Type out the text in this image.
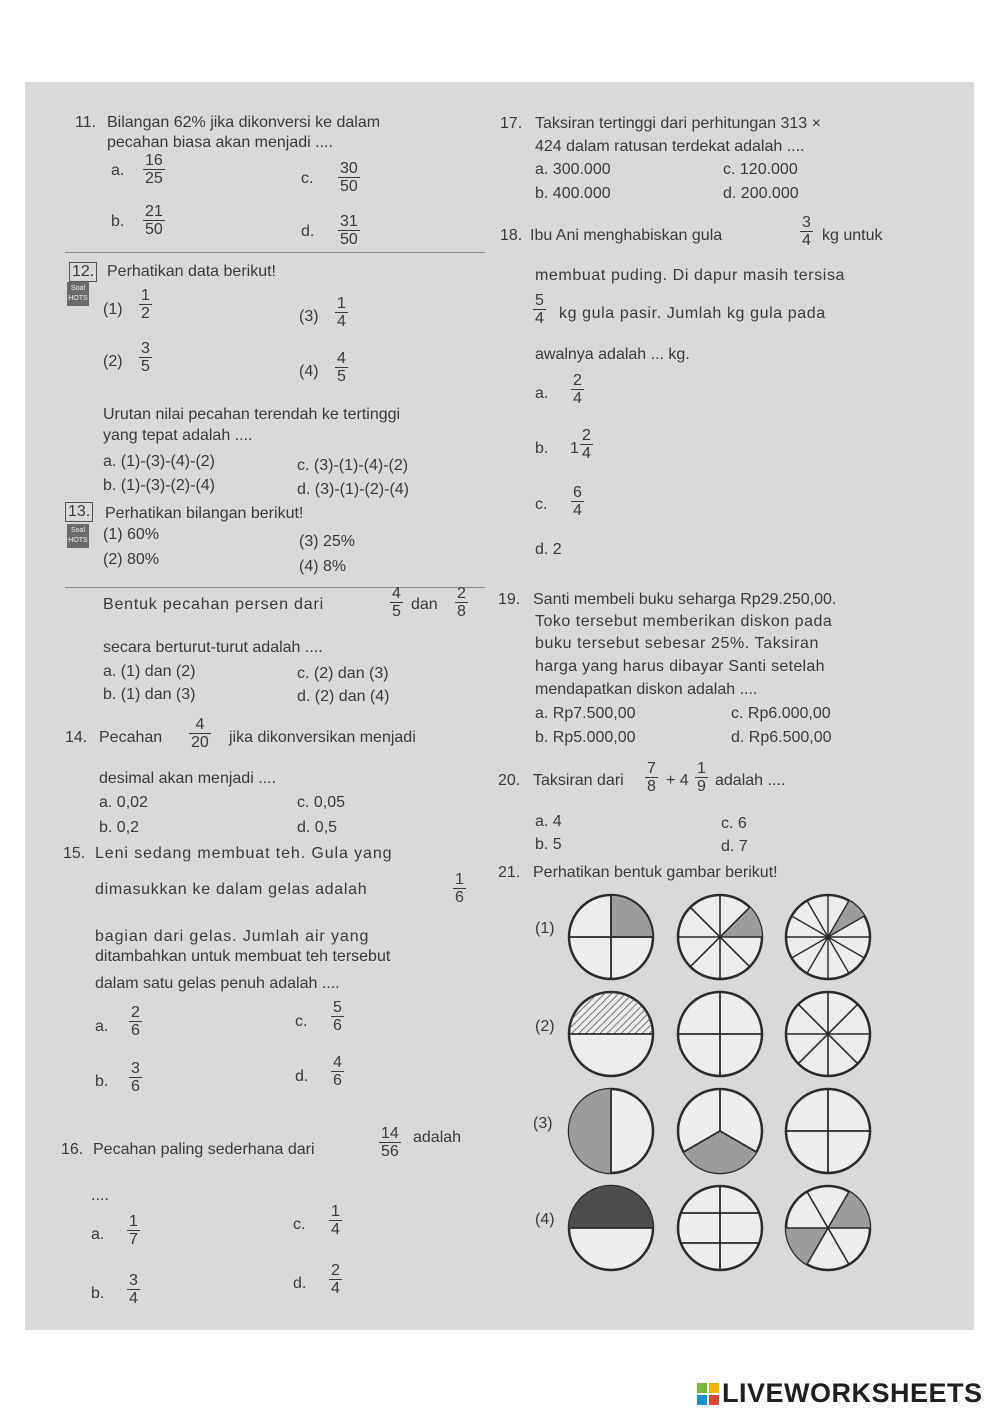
11. Bilangan 62% jika dikonversi ke dalam
pecahan biasa akan menjadi ....
a. $\frac{16}{25}$
b. $\frac{21}{50}$
c. $\frac{30}{50}$
d. $\frac{31}{50}$
12. Perhatikan data berikut!
Soal HOTS
$(1) \frac{1}{2}$
$(2) \frac{3}{5}$
$(3) \frac{1}{4}$
$(4) \frac{4}{5}$
Urutan nilai pecahan terendah ke tertinggi
yang tepat adalah ....
a. (1)-(3)-(4)-(2)
b. (1)-(3)-(2)-(4)
c. (3)-(1)-(4)-(2)
d. (3)-(1)-(2)-(4)
13. Perhatikan bilangan berikut!
Soal HOTS (1) 60%
(2) 80%
(3) 25%
(4) 8%
Bentuk pecahan persen dari	$\frac{4}{5}$ dan $\frac{2}{8}$
secara berturut-turut adalah ....
a. (1) dan (2)
b. (1) dan (3)
c. (2) dan (3)
d. (2) dan (4)
14. Pecahan $\frac{4}{20}$ jika dikonversikan menjadi
desimal akan menjadi ....
a. 0,02
b. 0,2
c. 0,05
d. 0,5
15. Leni sedang membuat teh. Gula yang
dimasukkan ke dalam gelas adalah	$\frac{1}{6}$
bagian dari gelas. Jumlah air yang
ditambahkan untuk membuat teh tersebut
dalam satu gelas penuh adalah ....
a. $\frac{2}{6}$
b. $\frac{3}{6}$
c. $\frac{5}{6}$
d. $\frac{4}{6}$
16. Pecahan paling sederhana dari	$\frac{14}{56}$ adalah
....
a. $\frac{1}{7}$
b. $\frac{3}{4}$
c. $\frac{1}{4}$
d. $\frac{2}{4}$
17. Taksiran tertinggi dari perhitungan 313 ×
424 dalam ratusan terdekat adalah ....
a. 300.000
b. 400.000
c. 120.000
d. 200.000
18. Ibu Ani menghabiskan gula	$\frac{3}{4}$ kg untuk
membuat puding. Di dapur masih tersisa
$\frac{5}{4}$ kg gula pasir. Jumlah kg gula pada
awalnya adalah ... kg.
a. $\frac{2}{4}$
b. $1 \frac{2}{4}$
c. $\frac{6}{4}$
d. 2
19. Santi membeli buku seharga Rp29.250,00.
Toko tersebut memberikan diskon pada
buku tersebut sebesar 25%. Taksiran
harga yang harus dibayar Santi setelah
mendapatkan diskon adalah ....
a. Rp7.500,00
b. Rp5.000,00
c. Rp6.000,00
d. Rp6.500,00
20. Taksiran dari $\frac{7}{8} + 4 \frac{1}{9}$ adalah ....
a. 4
b. 5
c. 6
d. 7
21. Perhatikan bentuk gambar berikut!
(1)
(2)
(3)
(4)
LIVEWORKSHEETS
